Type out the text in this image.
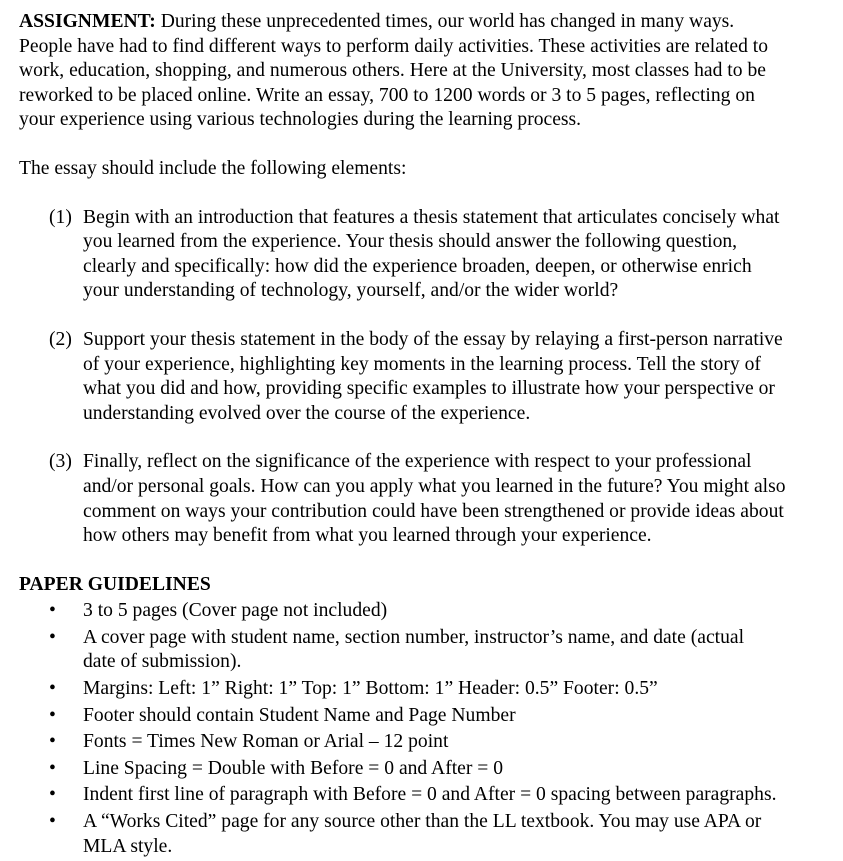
ASSIGNMENT: During these unprecedented times, our world has changed in many ways.
People have had to find different ways to perform daily activities. These activities are related to
work, education, shopping, and numerous others. Here at the University, most classes had to be
reworked to be placed online. Write an essay, 700 to 1200 words or 3 to 5 pages, reflecting on
your experience using various technologies during the learning process.

The essay should include the following elements:

(1) Begin with an introduction that features a thesis statement that articulates concisely what
you learned from the experience. Your thesis should answer the following question,
clearly and specifically: how did the experience broaden, deepen, or otherwise enrich
your understanding of technology, yourself, and/or the wider world?
(2) Support your thesis statement in the body of the essay by relaying a first-person narrative
of your experience, highlighting key moments in the learning process. Tell the story of
what you did and how, providing specific examples to illustrate how your perspective or
understanding evolved over the course of the experience.
(3) Finally, reflect on the significance of the experience with respect to your professional
and/or personal goals. How can you apply what you learned in the future? You might also
comment on ways your contribution could have been strengthened or provide ideas about
how others may benefit from what you learned through your experience.
PAPER GUIDELINES
• 3 to 5 pages (Cover page not included)
• A cover page with student name, section number, instructor’s name, and date (actual
date of submission).
• Margins: Left: 1” Right: 1” Top: 1” Bottom: 1” Header: 0.5” Footer: 0.5”
• Footer should contain Student Name and Page Number
• Fonts = Times New Roman or Arial – 12 point
• Line Spacing = Double with Before = 0 and After = 0
• Indent first line of paragraph with Before = 0 and After = 0 spacing between paragraphs.
• A “Works Cited” page for any source other than the LL textbook. You may use APA or
MLA style.
